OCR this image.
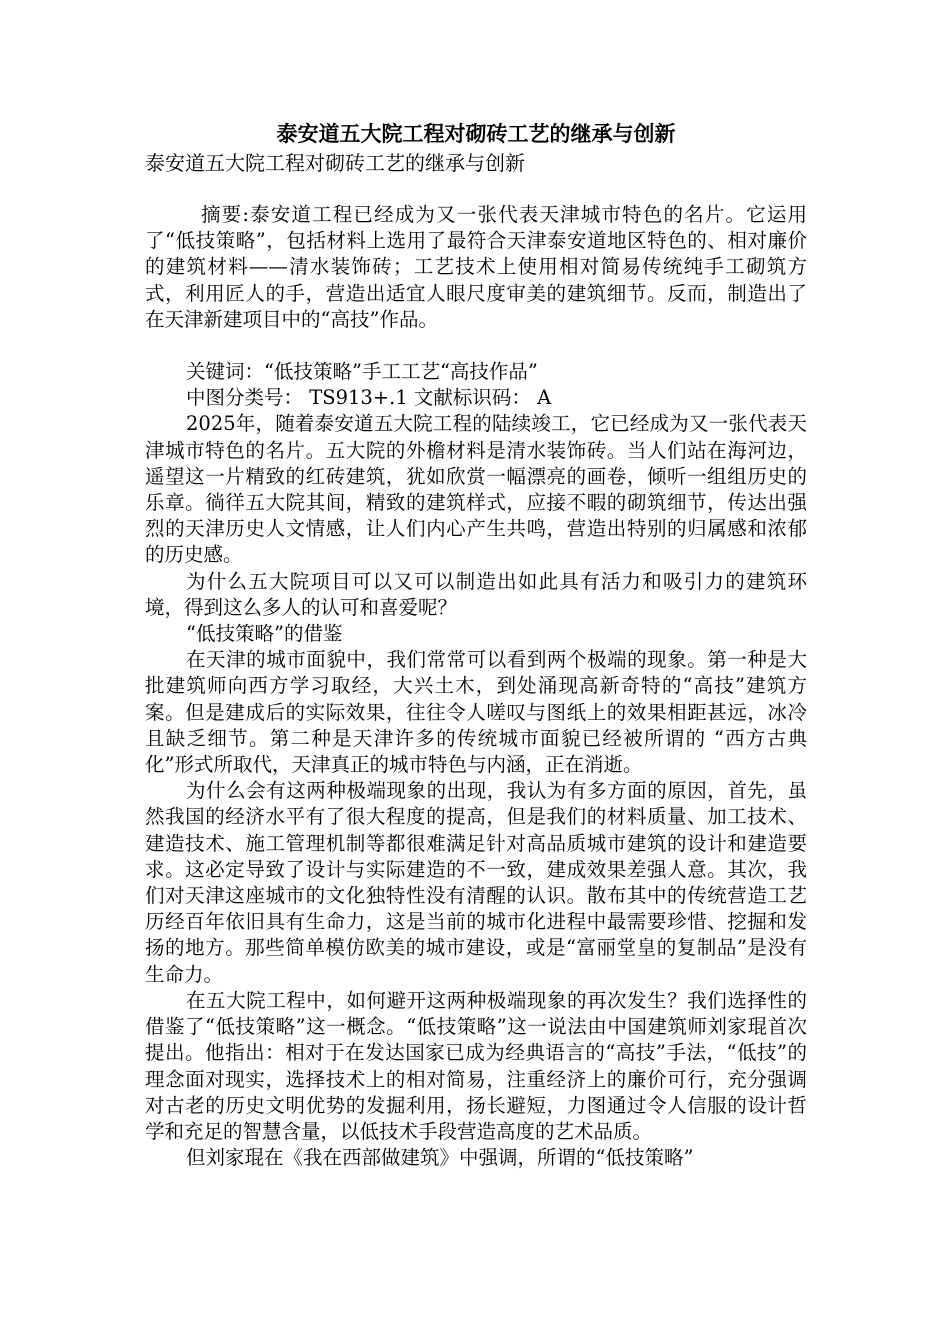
泰安道五大院工程对砌砖工艺的继承与创新

泰安道五大院工程对砌砖工艺的继承与创新

摘要:泰安道工程已经成为又一张代表天津城市特色的名片。它运用了“低技策略”，包括材料上选用了最符合天津泰安道地区特色的、相对廉价的建筑材料——清水装饰砖；工艺技术上使用相对简易传统纯手工砌筑方式，利用匠人的手，营造出适宜人眼尺度审美的建筑细节。反而，制造出了在天津新建项目中的“高技”作品。

关键词：“低技策略”手工工艺“高技作品”

中图分类号： TS913+.1 文献标识码： A

2025年，随着泰安道五大院工程的陆续竣工，它已经成为又一张代表天津城市特色的名片。五大院的外檐材料是清水装饰砖。当人们站在海河边，遥望这一片精致的红砖建筑，犹如欣赏一幅漂亮的画卷，倾听一组组历史的乐章。徜徉五大院其间，精致的建筑样式，应接不暇的砌筑细节，传达出强烈的天津历史人文情感，让人们内心产生共鸣，营造出特别的归属感和浓郁的历史感。

为什么五大院项目可以又可以制造出如此具有活力和吸引力的建筑环境，得到这么多人的认可和喜爱呢？

“低技策略”的借鉴

在天津的城市面貌中，我们常常可以看到两个极端的现象。第一种是大批建筑师向西方学习取经，大兴土木，到处涌现高新奇特的“高技”建筑方案。但是建成后的实际效果，往往令人嗟叹与图纸上的效果相距甚远，冰冷且缺乏细节。第二种是天津许多的传统城市面貌已经被所谓的 “西方古典化”形式所取代，天津真正的城市特色与内涵，正在消逝。

为什么会有这两种极端现象的出现，我认为有多方面的原因，首先，虽然我国的经济水平有了很大程度的提高，但是我们的材料质量、加工技术、建造技术、施工管理机制等都很难满足针对高品质城市建筑的设计和建造要求。这必定导致了设计与实际建造的不一致，建成效果差强人意。其次，我们对天津这座城市的文化独特性没有清醒的认识。散布其中的传统营造工艺历经百年依旧具有生命力，这是当前的城市化进程中最需要珍惜、挖掘和发扬的地方。那些简单模仿欧美的城市建设，或是“富丽堂皇的复制品”是没有生命力。

在五大院工程中，如何避开这两种极端现象的再次发生？我们选择性的借鉴了“低技策略”这一概念。“低技策略”这一说法由中国建筑师刘家琨首次提出。他指出：相对于在发达国家已成为经典语言的“高技”手法，“低技”的理念面对现实，选择技术上的相对简易，注重经济上的廉价可行，充分强调对古老的历史文明优势的发掘利用，扬长避短，力图通过令人信服的设计哲学和充足的智慧含量，以低技术手段营造高度的艺术品质。

但刘家琨在《我在西部做建筑》中强调，所谓的“低技策略”
